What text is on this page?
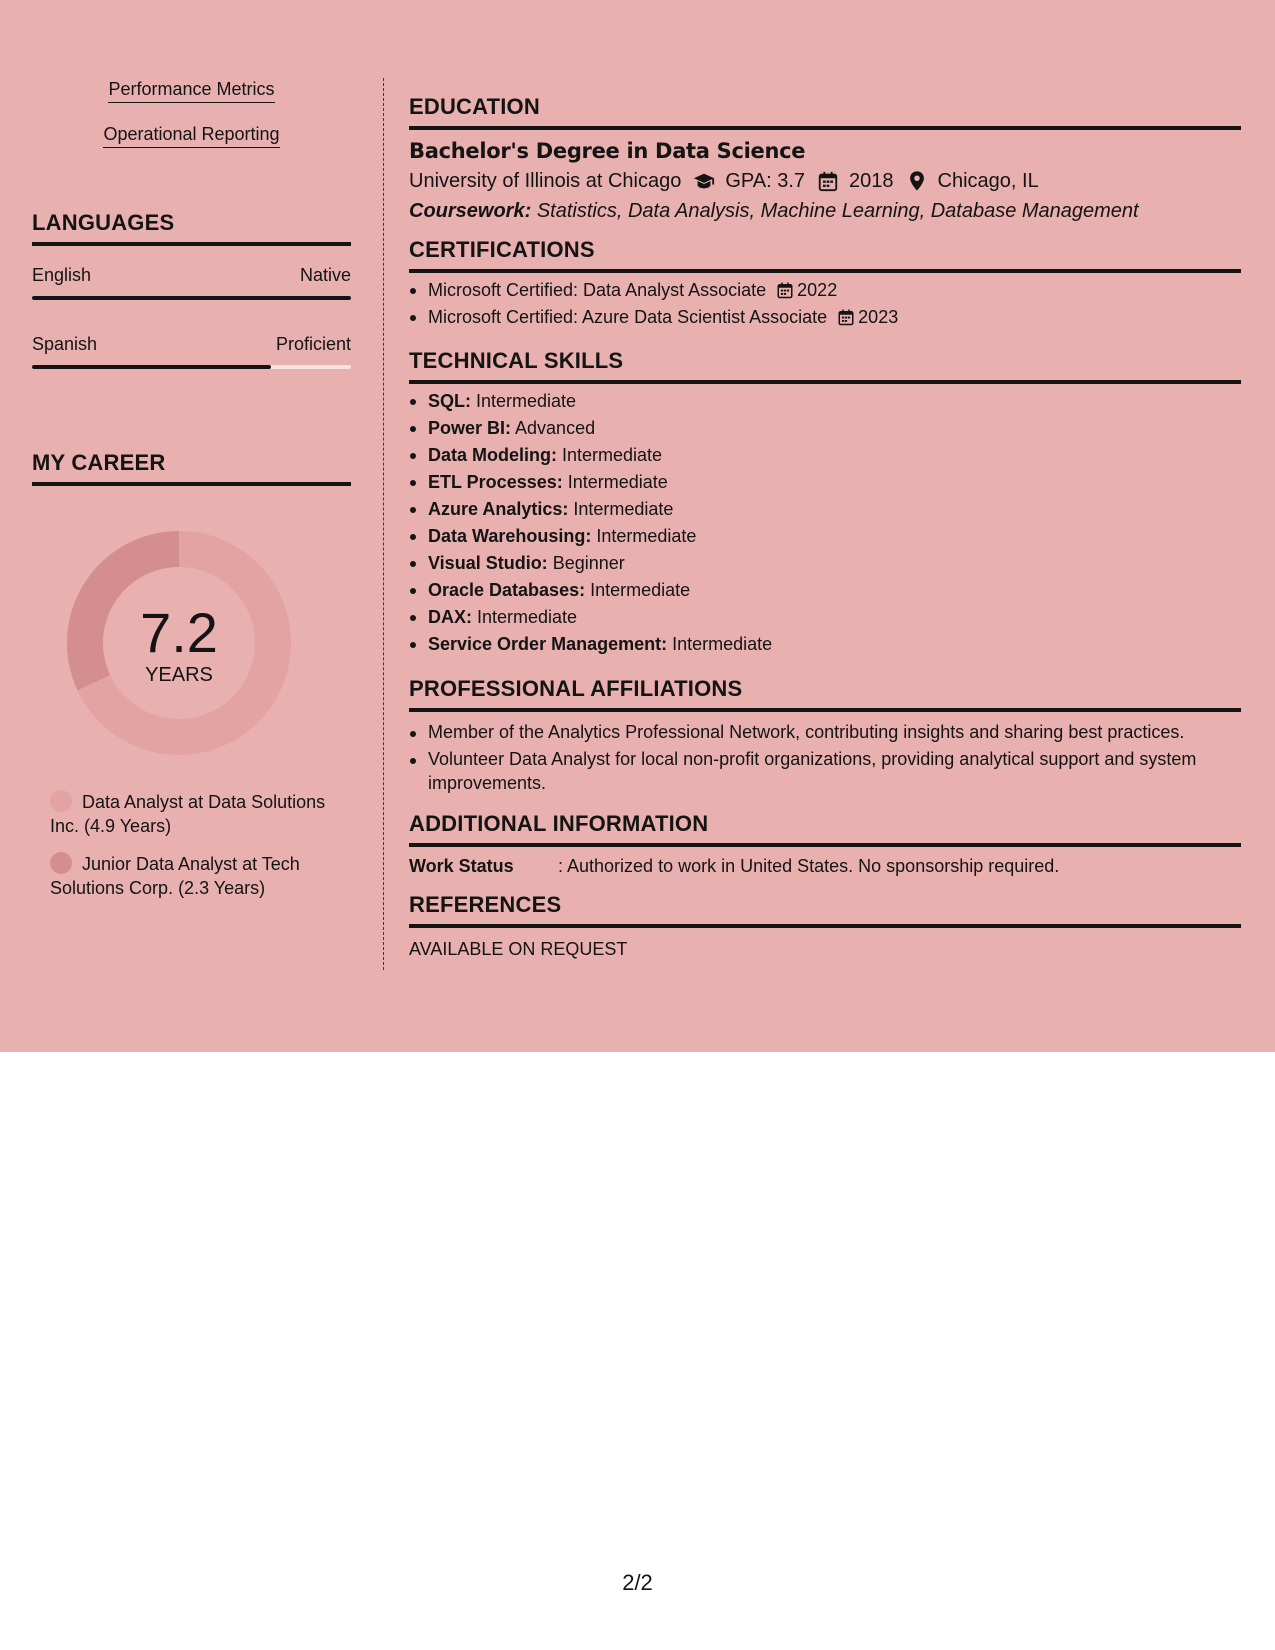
Performance Metrics
Operational Reporting
LANGUAGES
English	Native
Spanish	Proficient
MY CAREER
7.2
YEARS
Data Analyst at Data Solutions Inc. (4.9 Years)
Junior Data Analyst at Tech Solutions Corp. (2.3 Years)
EDUCATION
Bachelor's Degree in Data Science
University of Illinois at Chicago GPA: 3.7 2018 Chicago, IL
Coursework: Statistics, Data Analysis, Machine Learning, Database Management
CERTIFICATIONS
Microsoft Certified: Data Analyst Associate 2022
Microsoft Certified: Azure Data Scientist Associate 2023
TECHNICAL SKILLS
SQL: Intermediate
Power BI: Advanced
Data Modeling: Intermediate
ETL Processes: Intermediate
Azure Analytics: Intermediate
Data Warehousing: Intermediate
Visual Studio: Beginner
Oracle Databases: Intermediate
DAX: Intermediate
Service Order Management: Intermediate
PROFESSIONAL AFFILIATIONS
Member of the Analytics Professional Network, contributing insights and sharing best practices.
Volunteer Data Analyst for local non-profit organizations, providing analytical support and system improvements.
ADDITIONAL INFORMATION
Work Status	: Authorized to work in United States. No sponsorship required.
REFERENCES
AVAILABLE ON REQUEST
2/2
